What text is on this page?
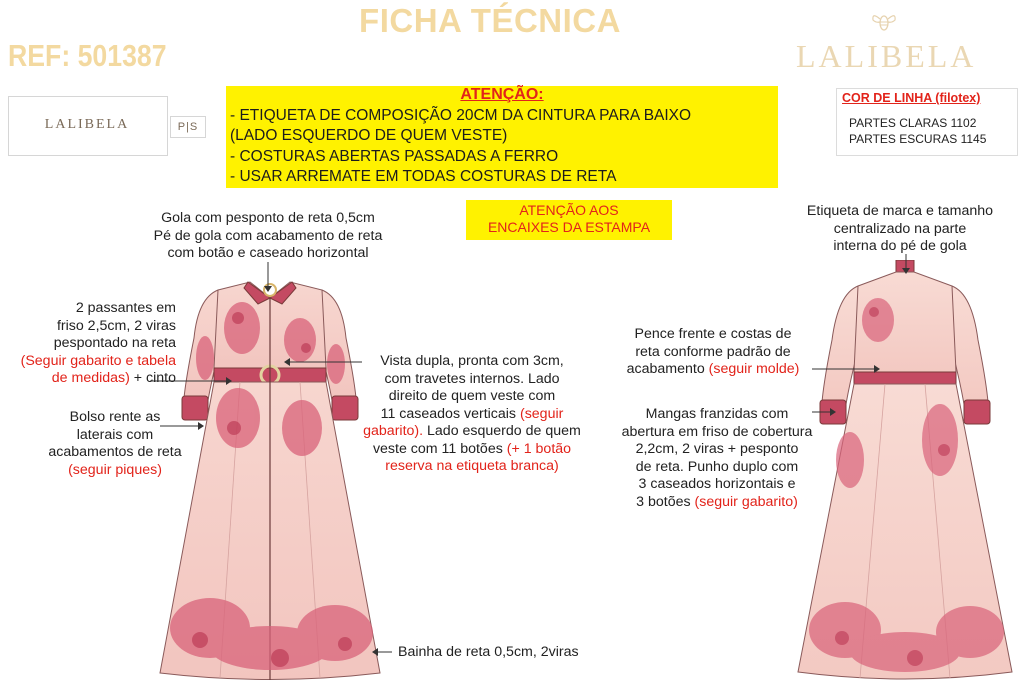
FICHA TÉCNICA
REF: 501387	LALIBELA
LALIBELA	P|S
ATENÇÃO:
- ETIQUETA DE COMPOSIÇÃO 20CM DA CINTURA PARA BAIXO
(LADO ESQUERDO DE QUEM VESTE)
- COSTURAS ABERTAS PASSADAS A FERRO
- USAR ARREMATE EM TODAS COSTURAS DE RETA
COR DE LINHA (filotex)
PARTES CLARAS 1102
PARTES ESCURAS 1145
ATENÇÃO AOS
ENCAIXES DA ESTAMPA
Gola com pesponto de reta 0,5cm
Pé de gola com acabamento de reta
com botão e caseado horizontal
2 passantes em
friso 2,5cm, 2 viras
pespontado na reta
(Seguir gabarito e tabela
de medidas) + cinto
Bolso rente as
laterais com
acabamentos de reta
(seguir piques)
Vista dupla, pronta com 3cm,
com travetes internos. Lado
direito de quem veste com
11 caseados verticais (seguir
gabarito). Lado esquerdo de quem
veste com 11 botões (+ 1 botão
reserva na etiqueta branca)
Bainha de reta 0,5cm, 2viras
Etiqueta de marca e tamanho
centralizado na parte
interna do pé de gola
Pence frente e costas de
reta conforme padrão de
acabamento (seguir molde)
Mangas franzidas com
abertura em friso de cobertura
2,2cm, 2 viras + pesponto
de reta. Punho duplo com
3 caseados horizontais e
3 botões (seguir gabarito)
